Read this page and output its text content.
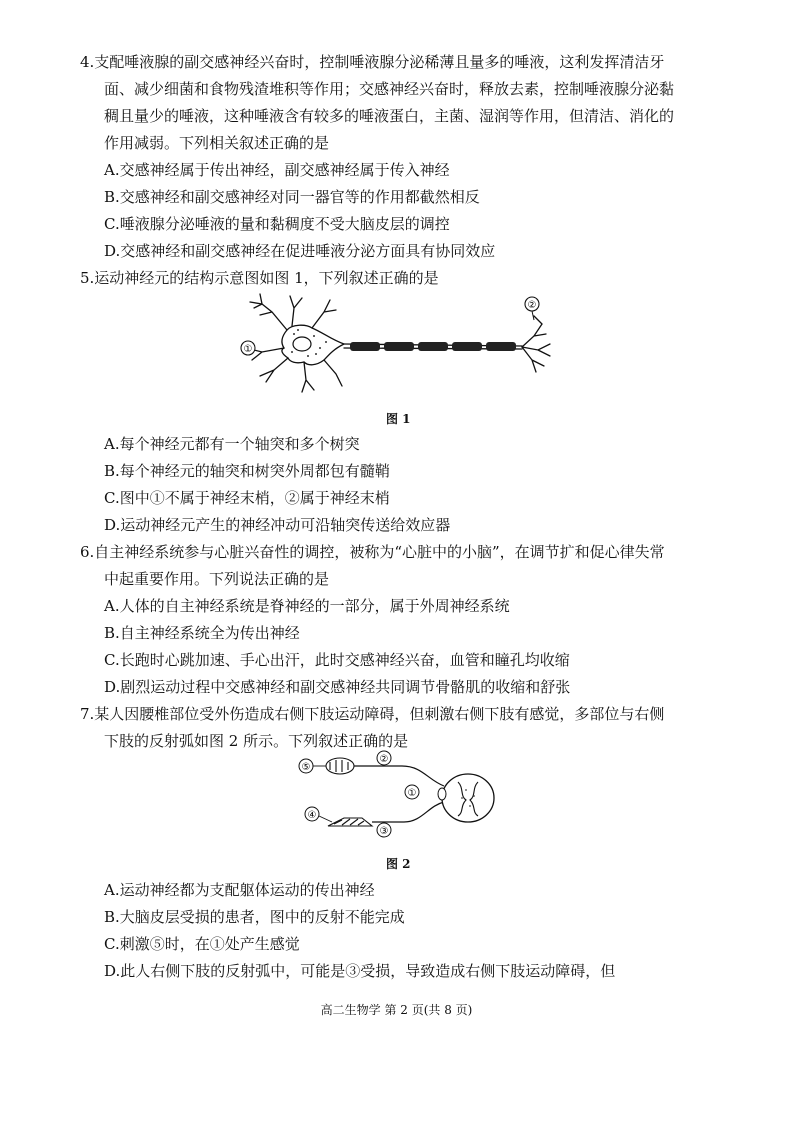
4.支配唾液腺的副交感神经兴奋时，控制唾液腺分泌稀薄且量多的唾液，这利发挥清洁牙
面、减少细菌和食物残渣堆积等作用；交感神经兴奋时，释放去素，控制唾液腺分泌黏
稠且量少的唾液，这种唾液含有较多的唾液蛋白，主菌、湿润等作用，但清洁、消化的
作用减弱。下列相关叙述正确的是
A.交感神经属于传出神经，副交感神经属于传入神经
B.交感神经和副交感神经对同一器官等的作用都截然相反
C.唾液腺分泌唾液的量和黏稠度不受大脑皮层的调控
D.交感神经和副交感神经在促进唾液分泌方面具有协同效应
5.运动神经元的结构示意图如图 1，下列叙述正确的是
①
②
图 1
A.每个神经元都有一个轴突和多个树突
B.每个神经元的轴突和树突外周都包有髓鞘
C.图中①不属于神经末梢，②属于神经末梢
D.运动神经元产生的神经冲动可沿轴突传送给效应器
6.自主神经系统参与心脏兴奋性的调控，被称为“心脏中的小脑”，在调节扩和促心律失常
中起重要作用。下列说法正确的是
A.人体的自主神经系统是脊神经的一部分，属于外周神经系统
B.自主神经系统全为传出神经
C.长跑时心跳加速、手心出汗，此时交感神经兴奋，血管和瞳孔均收缩
D.剧烈运动过程中交感神经和副交感神经共同调节骨骼肌的收缩和舒张
7.某人因腰椎部位受外伤造成右侧下肢运动障碍，但刺激右侧下肢有感觉，多部位与右侧
下肢的反射弧如图 2 所示。下列叙述正确的是
⑤
②
①
④
③
图 2
A.运动神经都为支配躯体运动的传出神经
B.大脑皮层受损的患者，图中的反射不能完成
C.刺激⑤时，在①处产生感觉
D.此人右侧下肢的反射弧中，可能是③受损，导致造成右侧下肢运动障碍，但
高二生物学 第 2 页(共 8 页)
